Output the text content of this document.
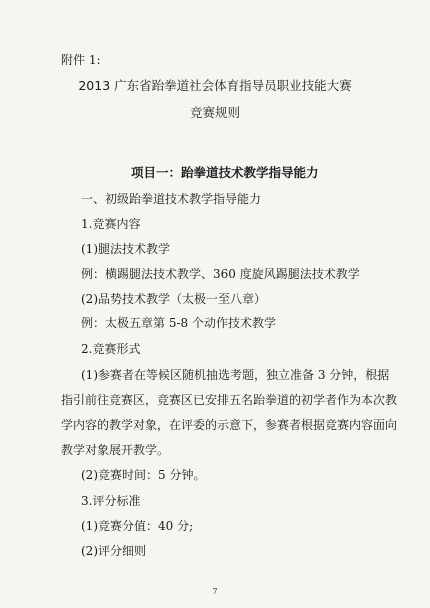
附件 1:
2013 广东省跆拳道社会体育指导员职业技能大赛
竞赛规则
项目一：跆拳道技术教学指导能力
一、初级跆拳道技术教学指导能力
1.竞赛内容
(1)腿法技术教学
例：横踢腿法技术教学、360 度旋风踢腿法技术教学
(2)品势技术教学（太极一至八章）
例：太极五章第 5-8 个动作技术教学
2.竞赛形式
(1)参赛者在等候区随机抽选考题，独立准备 3 分钟，根据
指引前往竞赛区，竞赛区已安排五名跆拳道的初学者作为本次教
学内容的教学对象，在评委的示意下，参赛者根据竞赛内容面向
教学对象展开教学。
(2)竞赛时间：5 分钟。
3.评分标准
(1)竞赛分值：40 分;
(2)评分细则
7
